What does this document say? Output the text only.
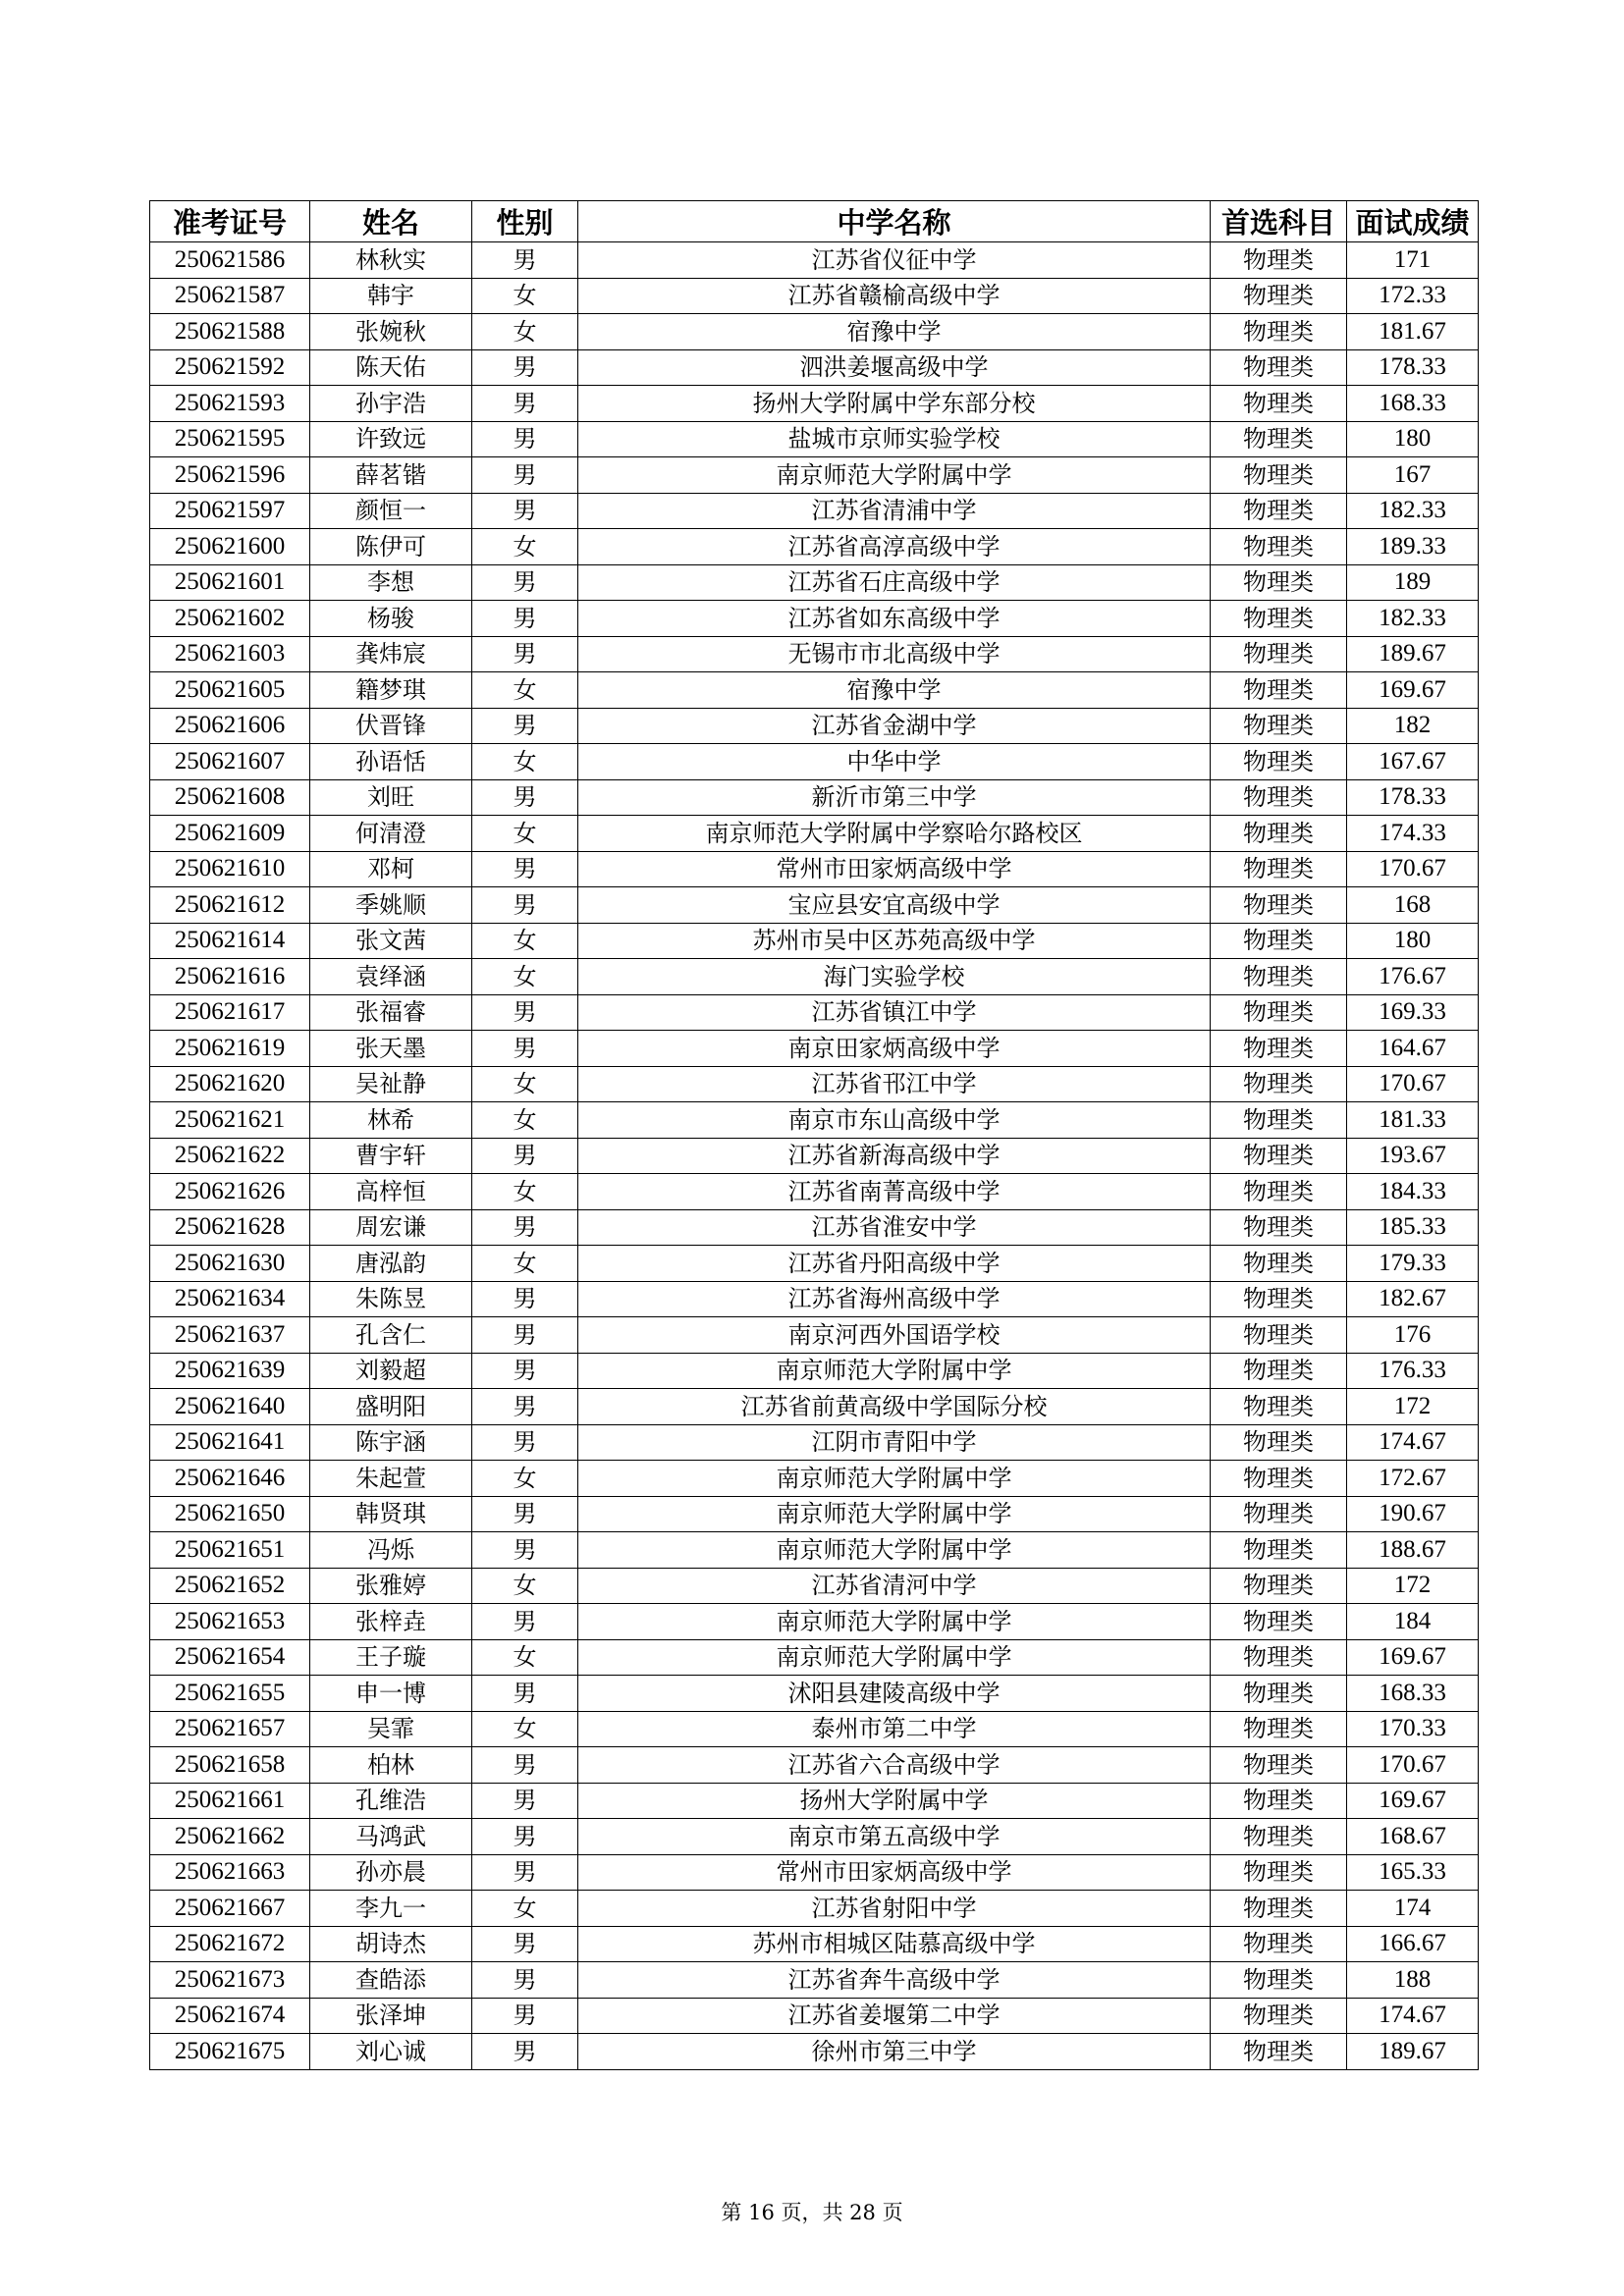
准考证号	姓名	性别	中学名称	首选科目	面试成绩
250621586	林秋实	男	江苏省仪征中学	物理类	171
250621587	韩宇	女	江苏省赣榆高级中学	物理类	172.33
250621588	张婉秋	女	宿豫中学	物理类	181.67
250621592	陈天佑	男	泗洪姜堰高级中学	物理类	178.33
250621593	孙宇浩	男	扬州大学附属中学东部分校	物理类	168.33
250621595	许致远	男	盐城市京师实验学校	物理类	180
250621596	薛茗锴	男	南京师范大学附属中学	物理类	167
250621597	颜恒一	男	江苏省清浦中学	物理类	182.33
250621600	陈伊可	女	江苏省高淳高级中学	物理类	189.33
250621601	李想	男	江苏省石庄高级中学	物理类	189
250621602	杨骏	男	江苏省如东高级中学	物理类	182.33
250621603	龚炜宸	男	无锡市市北高级中学	物理类	189.67
250621605	籍梦琪	女	宿豫中学	物理类	169.67
250621606	伏晋锋	男	江苏省金湖中学	物理类	182
250621607	孙语恬	女	中华中学	物理类	167.67
250621608	刘旺	男	新沂市第三中学	物理类	178.33
250621609	何清澄	女	南京师范大学附属中学察哈尔路校区	物理类	174.33
250621610	邓柯	男	常州市田家炳高级中学	物理类	170.67
250621612	季姚顺	男	宝应县安宜高级中学	物理类	168
250621614	张文茜	女	苏州市吴中区苏苑高级中学	物理类	180
250621616	袁绎涵	女	海门实验学校	物理类	176.67
250621617	张福睿	男	江苏省镇江中学	物理类	169.33
250621619	张天墨	男	南京田家炳高级中学	物理类	164.67
250621620	吴祉静	女	江苏省邗江中学	物理类	170.67
250621621	林希	女	南京市东山高级中学	物理类	181.33
250621622	曹宇轩	男	江苏省新海高级中学	物理类	193.67
250621626	高梓恒	女	江苏省南菁高级中学	物理类	184.33
250621628	周宏谦	男	江苏省淮安中学	物理类	185.33
250621630	唐泓韵	女	江苏省丹阳高级中学	物理类	179.33
250621634	朱陈昱	男	江苏省海州高级中学	物理类	182.67
250621637	孔含仁	男	南京河西外国语学校	物理类	176
250621639	刘毅超	男	南京师范大学附属中学	物理类	176.33
250621640	盛明阳	男	江苏省前黄高级中学国际分校	物理类	172
250621641	陈宇涵	男	江阴市青阳中学	物理类	174.67
250621646	朱起萱	女	南京师范大学附属中学	物理类	172.67
250621650	韩贤琪	男	南京师范大学附属中学	物理类	190.67
250621651	冯烁	男	南京师范大学附属中学	物理类	188.67
250621652	张雅婷	女	江苏省清河中学	物理类	172
250621653	张梓垚	男	南京师范大学附属中学	物理类	184
250621654	王子璇	女	南京师范大学附属中学	物理类	169.67
250621655	申一博	男	沭阳县建陵高级中学	物理类	168.33
250621657	吴霏	女	泰州市第二中学	物理类	170.33
250621658	柏林	男	江苏省六合高级中学	物理类	170.67
250621661	孔维浩	男	扬州大学附属中学	物理类	169.67
250621662	马鸿武	男	南京市第五高级中学	物理类	168.67
250621663	孙亦晨	男	常州市田家炳高级中学	物理类	165.33
250621667	李九一	女	江苏省射阳中学	物理类	174
250621672	胡诗杰	男	苏州市相城区陆慕高级中学	物理类	166.67
250621673	查皓添	男	江苏省奔牛高级中学	物理类	188
250621674	张泽坤	男	江苏省姜堰第二中学	物理类	174.67
250621675	刘心诚	男	徐州市第三中学	物理类	189.67
第 16 页，共 28 页
